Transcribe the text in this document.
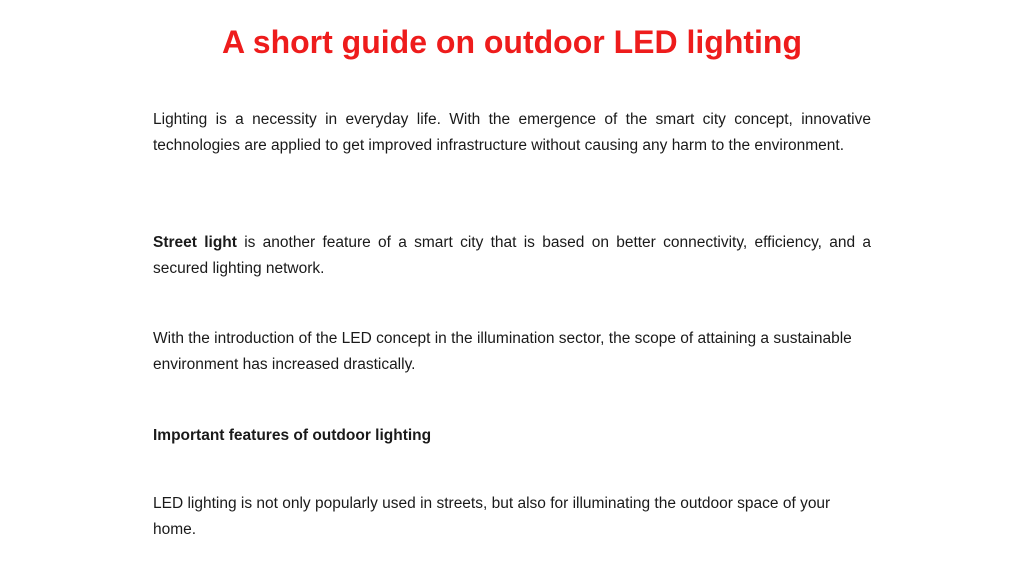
A short guide on outdoor LED lighting

Lighting is a necessity in everyday life. With the emergence of the smart city concept, innovative technologies are applied to get improved infrastructure without causing any harm to the environment.

Street light is another feature of a smart city that is based on better connectivity, efficiency, and a secured lighting network.

With the introduction of the LED concept in the illumination sector, the scope of attaining a sustainable environment has increased drastically.

Important features of outdoor lighting

LED lighting is not only popularly used in streets, but also for illuminating the outdoor space of your home.
